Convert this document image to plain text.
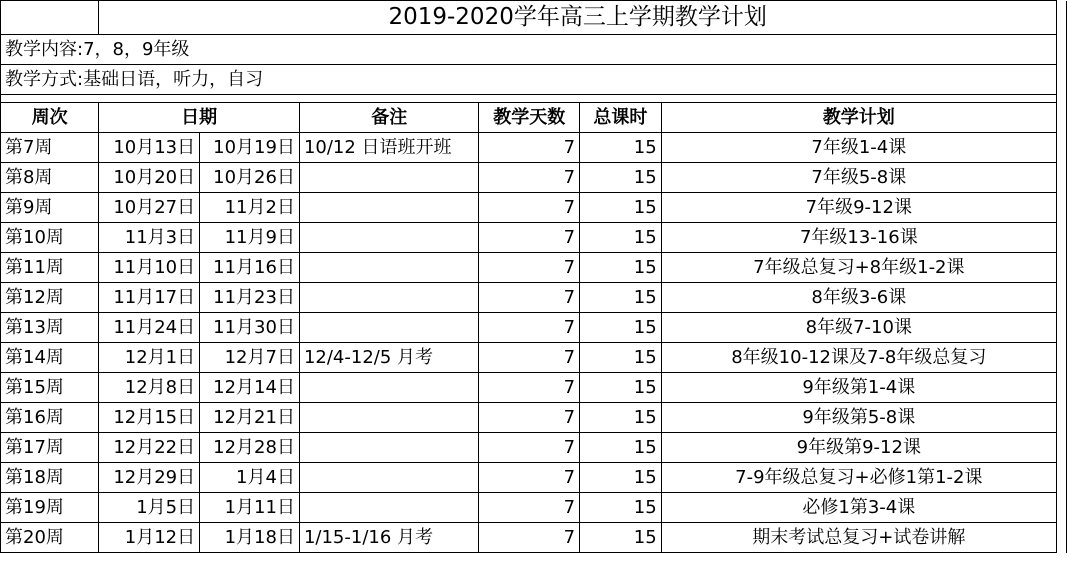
	2019-2020学年高三上学期教学计划						
教学内容:7，8，9年级							
教学方式:基础日语，听力，自习							

周次	日期		备注	教学天数	总课时	教学计划	
第7周	10月13日	10月19日	10/12 日语班开班	7	15	7年级1-4课	
第8周	10月20日	10月26日		7	15	7年级5-8课	
第9周	10月27日	11月2日		7	15	7年级9-12课	
第10周	11月3日	11月9日		7	15	7年级13-16课	
第11周	11月10日	11月16日		7	15	7年级总复习+8年级1-2课	
第12周	11月17日	11月23日		7	15	8年级3-6课	
第13周	11月24日	11月30日		7	15	8年级7-10课	
第14周	12月1日	12月7日	12/4-12/5 月考	7	15	8年级10-12课及7-8年级总复习	
第15周	12月8日	12月14日		7	15	9年级第1-4课	
第16周	12月15日	12月21日		7	15	9年级第5-8课	
第17周	12月22日	12月28日		7	15	9年级第9-12课	
第18周	12月29日	1月4日		7	15	7-9年级总复习+必修1第1-2课	
第19周	1月5日	1月11日		7	15	必修1第3-4课	
第20周	1月12日	1月18日	1/15-1/16 月考	7	15	期末考试总复习+试卷讲解	
